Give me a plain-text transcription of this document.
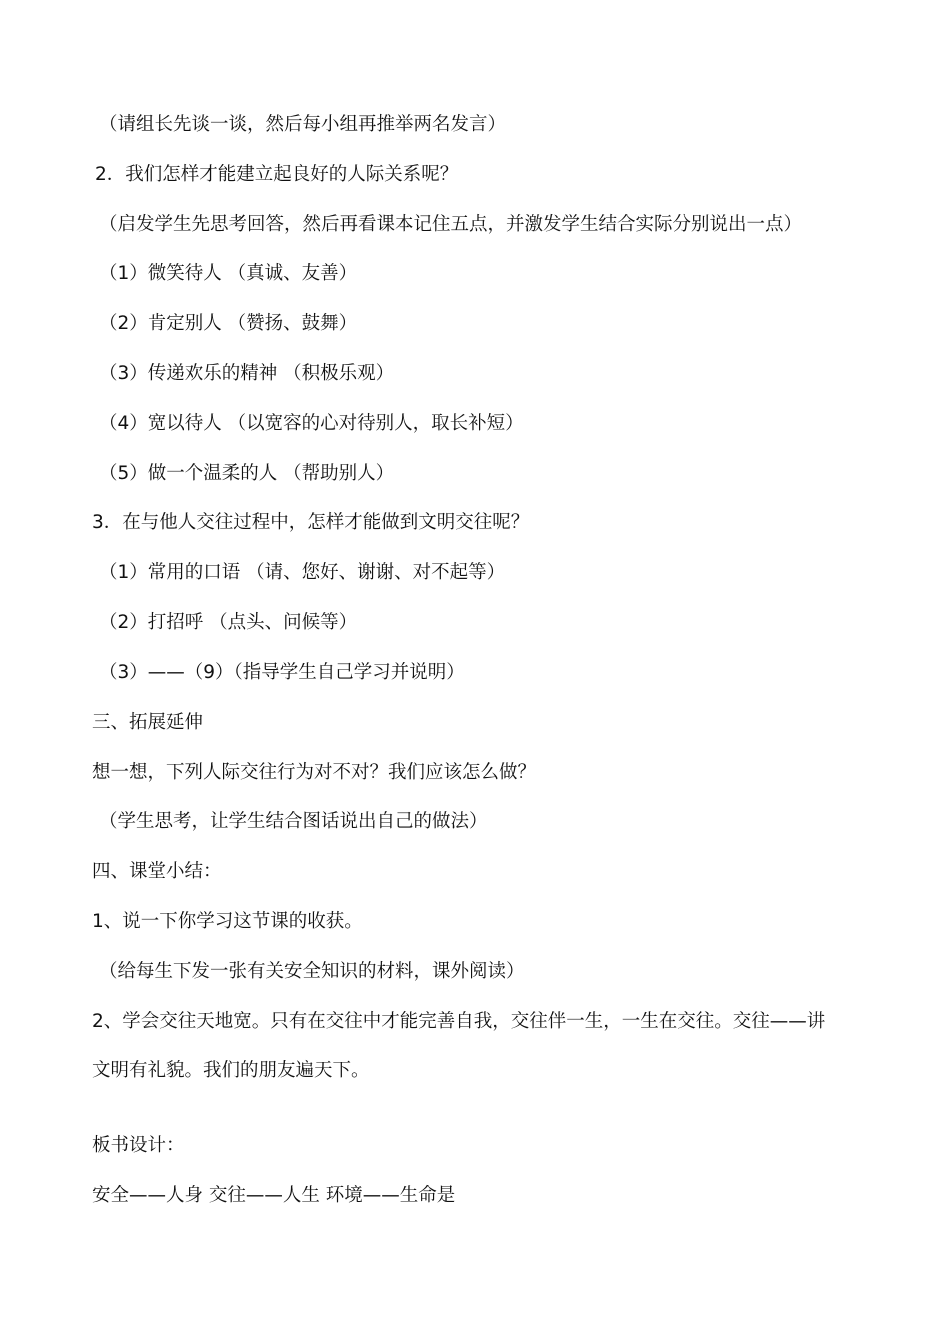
（请组长先谈一谈，然后每小组再推举两名发言）
2．我们怎样才能建立起良好的人际关系呢？
（启发学生先思考回答，然后再看课本记住五点，并激发学生结合实际分别说出一点）
（1）微笑待人 （真诚、友善）
（2）肯定别人 （赞扬、鼓舞）
（3）传递欢乐的精神 （积极乐观）
（4）宽以待人 （以宽容的心对待别人，取长补短）
（5）做一个温柔的人 （帮助别人）
3．在与他人交往过程中，怎样才能做到文明交往呢？
（1）常用的口语 （请、您好、谢谢、对不起等）
（2）打招呼 （点头、问候等）
（3）——（9）（指导学生自己学习并说明）
三、拓展延伸
想一想，下列人际交往行为对不对？我们应该怎么做？
（学生思考，让学生结合图话说出自己的做法）
四、课堂小结：
1、说一下你学习这节课的收获。
（给每生下发一张有关安全知识的材料，课外阅读）
2、学会交往天地宽。只有在交往中才能完善自我，交往伴一生，一生在交往。交往——讲
文明有礼貌。我们的朋友遍天下。
板书设计：
安全——人身 交往——人生 环境——生命是
